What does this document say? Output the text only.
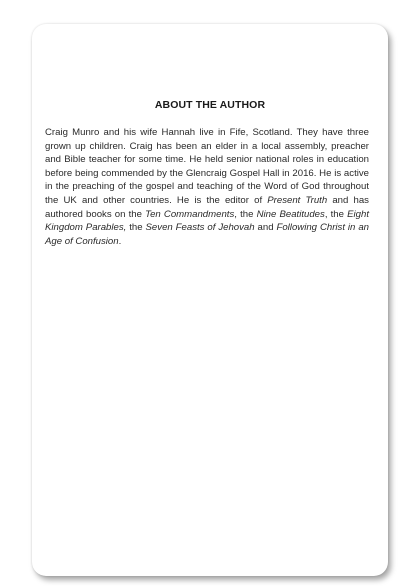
ABOUT THE AUTHOR

Craig Munro and his wife Hannah live in Fife, Scotland. They have three grown up children. Craig has been an elder in a local assembly, preacher and Bible teacher for some time. He held senior national roles in education before being commended by the Glencraig Gospel Hall in 2016. He is active in the preaching of the gospel and teaching of the Word of God throughout the UK and other countries. He is the editor of Present Truth and has authored books on the Ten Commandments, the Nine Beatitudes, the Eight Kingdom Parables, the Seven Feasts of Jehovah and Following Christ in an Age of Confusion.
